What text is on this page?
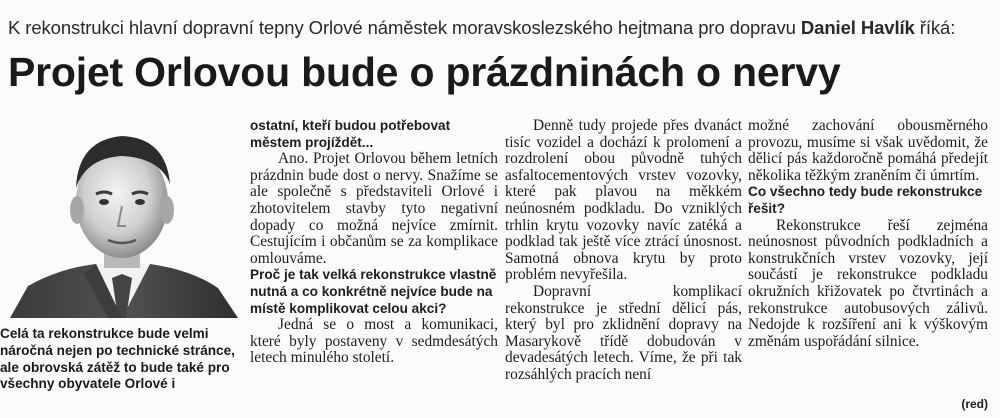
K rekonstrukci hlavní dopravní tepny Orlové náměstek moravskoslezského hejtmana pro dopravu Daniel Havlík říká:
Projet Orlovou bude o prázdninách o nervy
Celá ta rekonstrukce bude velmi náročná nejen po technické stránce, ale obrovská zátěž to bude také pro všechny obyvatele Orlové i

ostatní, kteří budou potřebovat městem projíždět...

Ano. Projet Orlovou během letních prázdnin bude dost o nervy. Snažíme se ale společně s představiteli Orlové i zhotovitelem stavby tyto negativní dopady co možná nejvíce zmírnit. Cestujícím i občanům se za komplikace omlouváme.

Proč je tak velká rekonstrukce vlastně nutná a co konkrétně nejvíce bude na místě komplikovat celou akci?

Jedná se o most a komunikaci, které byly postaveny v sedmdesátých letech minulého století.

Denně tudy projede přes dvanáct tisíc vozidel a dochází k prolomení a rozdrolení obou původně tuhých asfaltocementových vrstev vozovky, které pak plavou na měkkém neúnosném podkladu. Do vzniklých trhlin krytu vozovky navíc zatéká a podklad tak ještě více ztrácí únosnost. Samotná obnova krytu by proto problém nevyřešila.

Dopravní komplikací rekonstrukce je střední dělicí pás, který byl pro zklidnění dopravy na Masarykově třídě dobudován v devadesátých letech. Víme, že při tak rozsáhlých pracích není

možné zachování obousměrného provozu, musíme si však uvědomit, že dělicí pás každoročně pomáhá předejít několika těžkým zraněním či úmrtím.

Co všechno tedy bude rekonstrukce řešit?

Rekonstrukce řeší zejména neúnosnost původních podkladních a konstrukčních vrstev vozovky, její součástí je rekonstrukce podkladu okružních křižovatek po čtvrtinách a rekonstrukce autobusových zálivů. Nedojde k rozšíření ani k výškovým změnám uspořádání silnice.

(red)
